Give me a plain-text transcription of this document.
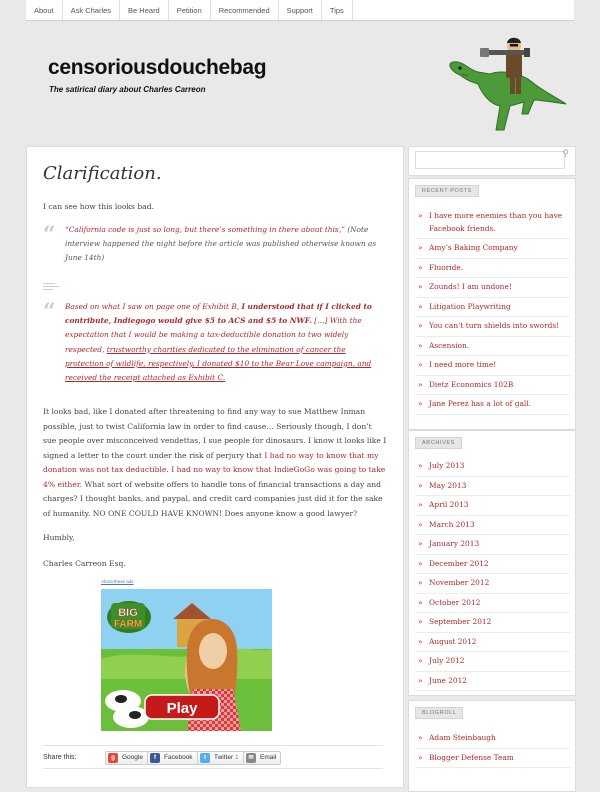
About	Ask Charles	Be Heard	Petition	Recommended	Support	Tips
censoriousdouchebag
The satirical diary about Charles Carreon
Clarification.
I can see how this looks bad.
“ “California code is just so long, but there’s something in there about this,” (Note interview happened the night before the article was published otherwise known as June 14th)
“ Based on what I saw on page one of Exhibit B, I understood that if I clicked to contribute, Indiegogo would give $5 to ACS and $5 to NWF. […] With the expectation that I would be making a tax-deductible donation to two widely respected, trustworthy charities dedicated to the elimination of cancer the protection of wildlife, respectively, I donated $10 to the Bear Love campaign, and received the receipt attached as Exhibit C.
It looks bad, like I donated after threatening to find any way to sue Matthew Inman possible, just to twist California law in order to find cause… Seriously though, I don’t sue people over misconceived vendettas, I sue people for dinosaurs. I know it looks like I signed a letter to the court under the risk of perjury that I had no way to know that my donation was not tax deductible. I had no way to know that IndieGoGo was going to take 4% either. What sort of website offers to handle tons of financial transactions a day and charges? I thought banks, and paypal, and credit card companies just did it for the sake of humanity. NO ONE COULD HAVE KNOWN! Does anyone know a good lawyer?
Humbly,
Charles Carreon Esq.
About these ads
BIG
FARM
Play
Share this:	g	Google	f	Facebook	t	Twitter 1	✉ Email
⚲
RECENT POSTS
» I have more enemies than you have Facebook friends.
» Amy’s Baking Company
» Fluoride.
» Zounds! I am undone!
» Litigation Playwriting
» You can’t turn shields into swords!
» Ascension.
» I need more time!
» Dietz Economics 102B
» Jane Perez has a lot of gall.
ARCHIVES
» July 2013
» May 2013
» April 2013
» March 2013
» January 2013
» December 2012
» November 2012
» October 2012
» September 2012
» August 2012
» July 2012
» June 2012
BLOGROLL
» Adam Steinbaugh
» Blogger Defense Team
